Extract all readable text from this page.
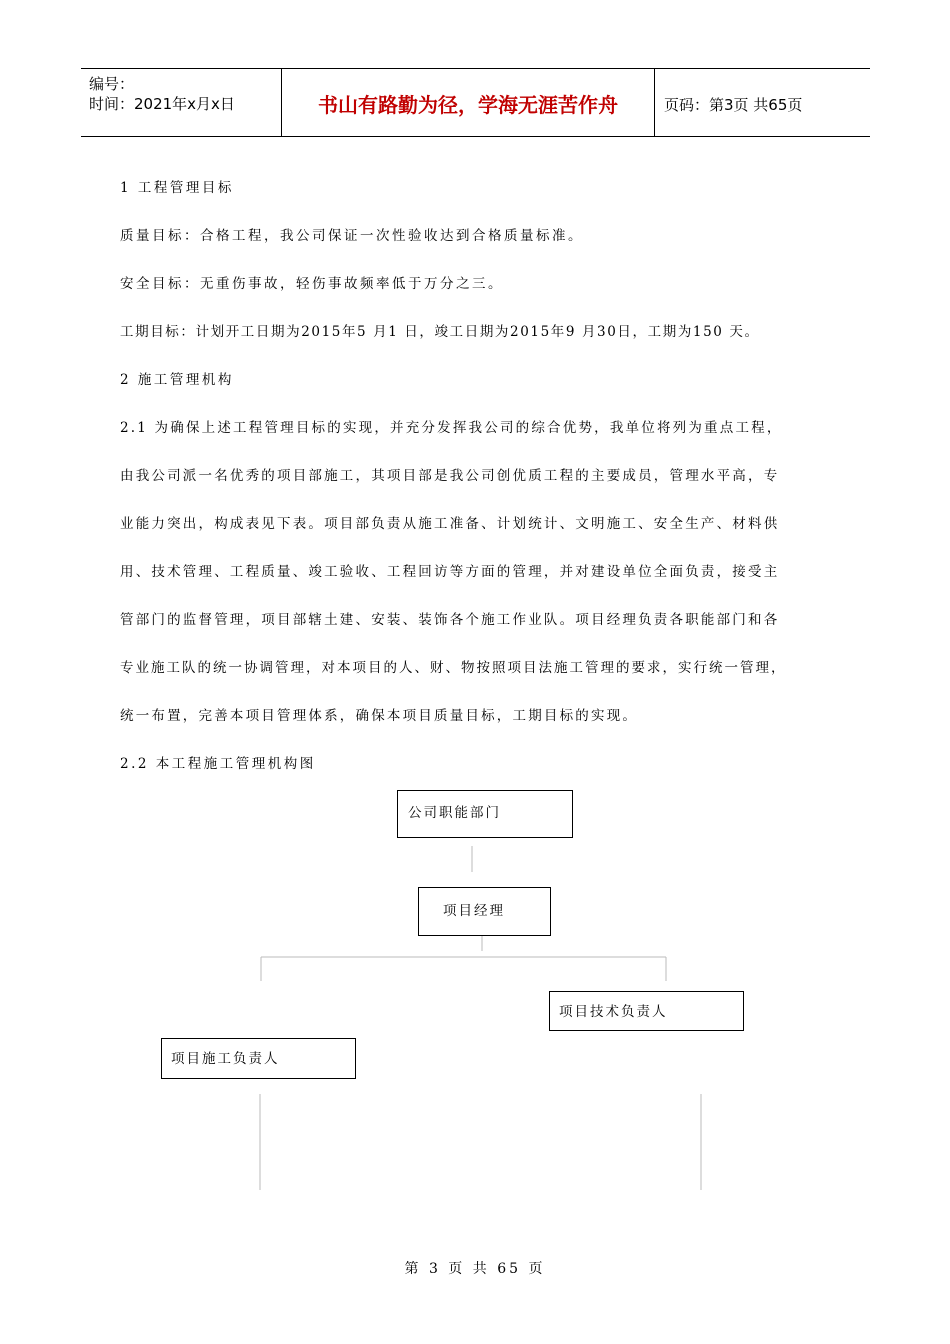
编号：
时间：2021年x月x日	书山有路勤为径，学海无涯苦作舟	页码：第3页 共65页
1 工程管理目标
质量目标：合格工程，我公司保证一次性验收达到合格质量标准。
安全目标：无重伤事故，轻伤事故频率低于万分之三。
工期目标：计划开工日期为2015年5 月1 日，竣工日期为2015年9 月30日，工期为150 天。
2 施工管理机构
2.1 为确保上述工程管理目标的实现，并充分发挥我公司的综合优势，我单位将列为重点工程，
由我公司派一名优秀的项目部施工，其项目部是我公司创优质工程的主要成员，管理水平高，专
业能力突出，构成表见下表。项目部负责从施工准备、计划统计、文明施工、安全生产、材料供
用、技术管理、工程质量、竣工验收、工程回访等方面的管理，并对建设单位全面负责，接受主
管部门的监督管理，项目部辖土建、安装、装饰各个施工作业队。项目经理负责各职能部门和各
专业施工队的统一协调管理，对本项目的人、财、物按照项目法施工管理的要求，实行统一管理，
统一布置，完善本项目管理体系，确保本项目质量目标，工期目标的实现。
2.2 本工程施工管理机构图
公司职能部门
项目经理
项目技术负责人
项目施工负责人
第 3 页 共 65 页
